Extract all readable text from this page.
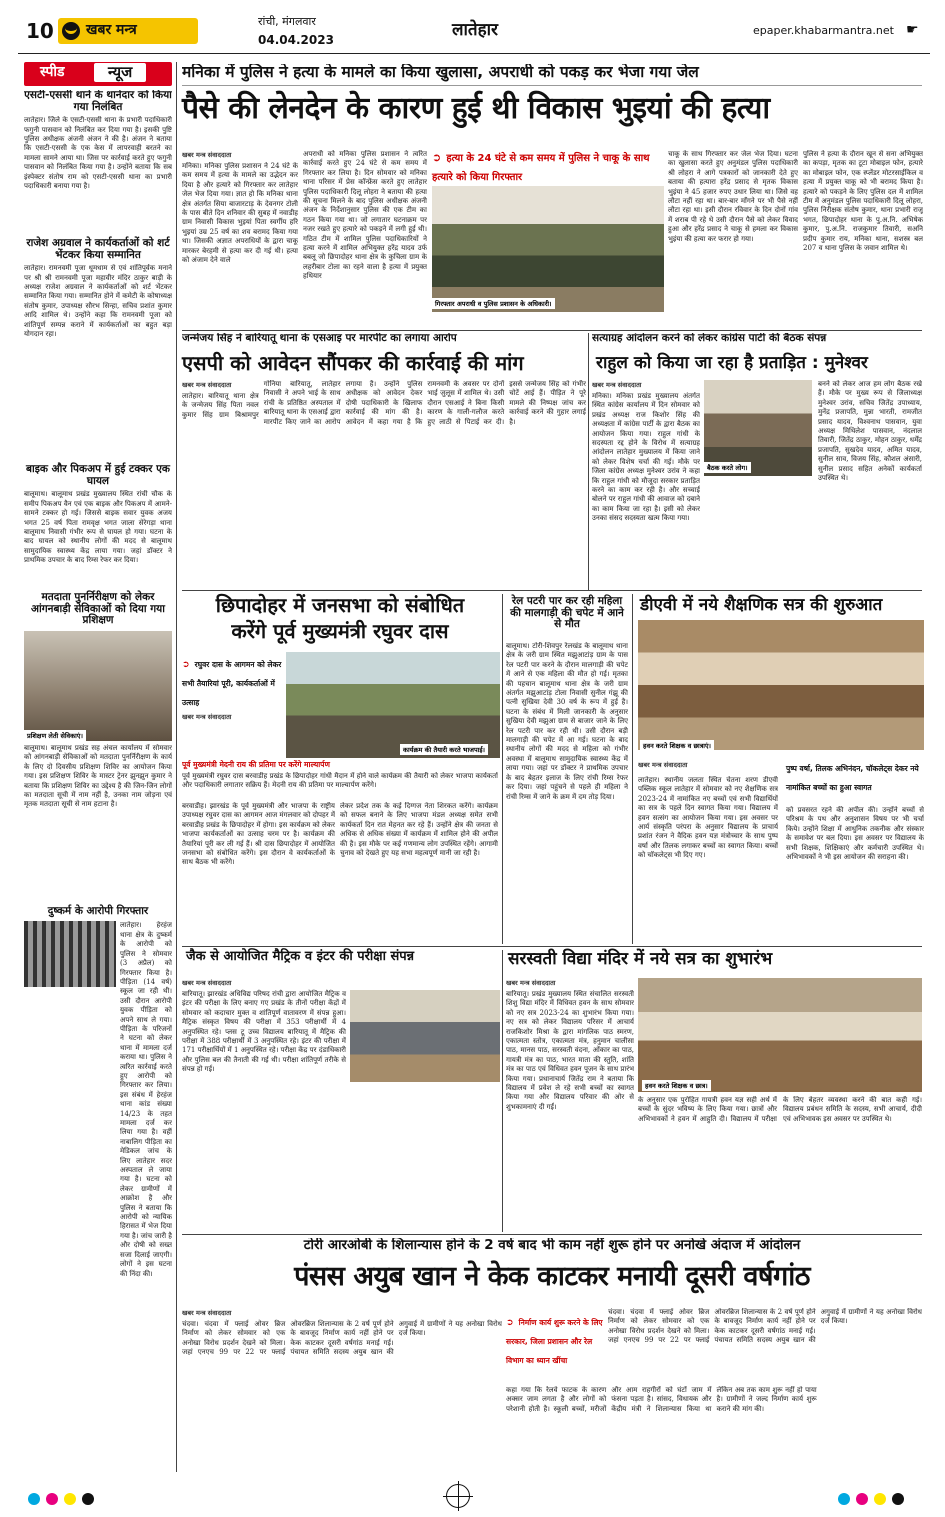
10 खबर मन्त्र
रांची, मंगलवार
04.04.2023	लातेहार	epaper.khabarmantra.net ☛
स्पीड	न्यूज
एसटी-एससी थाने के थानेदार को किया गया निलंबित
लातेहार। जिले के एसटी-एससी थाना के प्रभारी पदाधिकारी फगुनी पासवान को निलंबित कर दिया गया है। इसकी पुष्टि पुलिस अधीक्षक अंजनी अंजन ने की है। अंजन ने बताया कि एसटी-एससी के एक केस में लापरवाही बरतने का मामला सामने आया था। जिस पर कार्रवाई करते हुए फगुनी पासवान को निलंबित किया गया है। उन्होंने बताया कि सब इंस्पेक्टर संतोष राम को एसटी-एससी थाना का प्रभारी पदाधिकारी बनाया गया है।
राजेश अग्रवाल ने कार्यकर्ताओं को शर्ट भेंटकर किया सम्मानित
लातेहार। रामनवमी पूजा धूमधाम से एवं शांतिपूर्वक मनाने पर श्री श्री रामनवमी पूजा महावीर मंदिर ठाकुर बाड़ी के अध्यक्ष राजेश अग्रवाल ने कार्यकर्ताओं को शर्ट भेंटकर सम्मानित किया गया। सम्मानित होने में कमेटी के कोषाध्यक्ष संतोष कुमार, उपाध्यक्ष सौरभ सिन्हा, सचिव प्रशांत कुमार आदि शामिल थे। उन्होंने कहा कि रामनवमी पूजा को शांतिपूर्ण सम्पन्न कराने में कार्यकर्ताओं का बहुत बड़ा योगदान रहा।
बाइक और पिकअप में हुई टक्कर एक घायल
बालूमाथ। बालूमाथ प्रखंड मुख्यालय स्थित रांची चौक के समीप पिकअप वैन एवं एक बाइक और पिकअप में आमने-सामने टक्कर हो गई। जिससे बाइक सवार युवक अजय भगत 25 वर्ष पिता रामवृक्ष भगत जाला सेरेगड़ा थाना बालूमाथ निवासी गंभीर रूप से घायल हो गया। घटना के बाद घायल को स्थानीय लोगों की मदद से बालूमाथ सामुदायिक स्वास्थ्य केंद्र लाया गया। जहां डॉक्टर ने प्राथमिक उपचार के बाद रिम्स रेफर कर दिया।
मतदाता पुनर्निरीक्षण को लेकर आंगनबाड़ी सेविकाओं को दिया गया प्रशिक्षण
प्रशिक्षण लेती सेविकाएं।
बालूमाथ। बालूमाथ प्रखंड सह अंचल कार्यालय में सोमवार को आंगनबाड़ी सेविकाओं को मतदाता पुनर्निरीक्षण के कार्य के लिए दो दिवसीय प्रशिक्षण शिविर का आयोजन किया गया। इस प्रशिक्षण शिविर के मास्टर ट्रेनर झुनझुन कुमार ने बताया कि प्रशिक्षण शिविर का उद्देश्य है की जिन-जिन लोगों का मतदाता सूची में नाम नहीं है, उनका नाम जोड़ना एवं मृतक मतदाता सूची से नाम हटाना है।
दुष्कर्म के आरोपी गिरफ्तार
लातेहार। हेरहंज थाना क्षेत्र के दुष्कर्म के आरोपी को पुलिस ने सोमवार (3 अप्रैल) को गिरफ्तार किया है। पीड़िता (14 वर्ष) स्कूल जा रही थी। उसी दौरान आरोपी युवक पीड़िता को अपने साथ ले गया। पीड़िता के परिजनों ने घटना को लेकर थाना में मामला दर्ज कराया था। पुलिस ने त्वरित कार्रवाई करते हुए आरोपी को गिरफ्तार कर लिया। इस संबंध में हेरहंज थाना कांड संख्या 14/23 के तहत मामला दर्ज कर लिया गया है। वहीं नाबालिग पीड़िता का मेडिकल जांच के लिए लातेहार सदर अस्पताल ले जाया गया है। घटना को लेकर ग्रामीणों में आक्रोश है और पुलिस ने बताया कि आरोपी को न्यायिक हिरासत में भेज दिया गया है। जांच जारी है और दोषी को सख्त सजा दिलाई जाएगी। लोगों ने इस घटना की निंदा की।
मनिका में पुलिस ने हत्या के मामले का किया खुलासा, अपराधी को पकड़ कर भेजा गया जेल
पैसे की लेनदेन के कारण हुई थी विकास भुइयां की हत्या
खबर मन्त्र संवाददाता
मनिका। मनिका पुलिस प्रशासन ने 24 घंटे के कम समय में हत्या के मामले का उद्भेदन कर दिया है और हत्यारे को गिरफ्तार कर लातेहार जेल भेज दिया गया। ज्ञात हो कि मनिका थाना क्षेत्र अंतर्गत सिया बाजारटाड़ के देवनगर टोली के पास बीते दिन शनिवार की सुबह में नवाडीह ग्राम निवासी विकास भुइयां पिता स्वर्गीय हरि भुइयां उम्र 25 वर्ष का शव बरामद किया गया था। जिसकी अज्ञात अपराधियों के द्वारा चाकू मारकर बेरहमी से हत्या कर दी गई थी। हत्या को अंजाम देने वाले
अपराधी को मनिका पुलिस प्रशासन ने त्वरित कार्रवाई करते हुए 24 घंटे से कम समय में गिरफ्तार कर लिया है। दिन सोमवार को मनिका थाना परिसर में प्रेस कॉन्फ्रेंस करते हुए लातेहार पुलिस पदाधिकारी दिलू लोहरा ने बताया की हत्या की सूचना मिलने के बाद पुलिस अधीक्षक अंजनी अंजन के निर्देशानुसार पुलिस की एक टीम का गठन किया गया था। जो लगातार घटनाक्रम पर नजर रखते हुए हत्यारे को पकड़ने में लगी हुई थी। गठित टीम में शामिल पुलिस पदाधिकारियों ने हत्या करने में शामिल अभियुक्त हरेंद्र यादव उर्फ बबलू जो छिपादोहर थाना क्षेत्र के कुचिला ग्राम के लहरीबार टोला का रहने वाला है हत्या में प्रयुक्त हथियार
➲ हत्या के 24 घंटे से कम समय में पुलिस ने चाकू के साथ हत्यारे को किया गिरफ्तार
गिरफ्तार अपराधी व पुलिस प्रशासन के अधिकारी।

चाकू के साथ गिरफ्तार कर जेल भेज दिया। घटना का खुलासा करते हुए अनुमंडल पुलिस पदाधिकारी श्री लोहरा ने आगे पत्रकारों को जानकारी देते हुए बताया की हत्यारा हरेंद्र प्रसाद से मृतक विकास भुइंया ने 45 हजार रुपए उधार लिया था। जिसे वह लौटा नहीं रहा था। बार-बार माँगने पर भी पैसे नहीं लौटा रहा था। इसी दौरान रविवार के दिन दोनों गांव में शराब पी रहे थे उसी दौरान पैसे को लेकर विवाद हुआ और हरेंद्र प्रसाद ने चाकू से हमला कर विकास भुइंया की हत्या कर फरार हो गया।
पुलिस ने हत्या के दौरान खून से सना अभियुक्त का कपड़ा, मृतक का टूटा मोबाइल फोन, हत्यारे का मोबाइल फोन, एक स्प्लेंडर मोटरसाईकिल व हत्या में प्रयुक्त चाकू को भी बरामद किया है। हत्यारे को पकड़ने के लिए पुलिस दल में शामिल टीम में अनुमंडल पुलिस पदाधिकारी दिलू लोहरा, पुलिस निरीक्षक संतोष कुमार, थाना प्रभारी राजू भगत, छिपादोहर थाना के पु.अ.नि. अभिषेक कुमार, पु.अ.नि. राजकुमार तिवारी, सअनि प्रदीप कुमार राय, मनिका थाना, सशस्त्र बल 207 व थाना पुलिस के जवान शामिल थे।
जन्मेजय सिंह ने बारियातू थाना के एसआइ पर मारपीट का लगाया आरोप	सत्याग्रह आंदोलन करने को लेकर कांग्रेस पार्टी की बैठक संपन्न
एसपी को आवेदन सौंपकर की कार्रवाई की मांग
खबर मन्त्र संवाददाता
लातेहार। बारियातू थाना क्षेत्र के जन्मेजय सिंह पिता नवल कुमार सिंह ग्राम बिश्रामपुर गोनिया बारियातू, लातेहार निवासी ने अपने भाई के साथ रांची के प्रतिष्ठित अस्पताल में बारियातू थाना के एसआई द्वारा मारपीट किए जाने का आरोप लगाया है। उन्होंने पुलिस अधीक्षक को आवेदन देकर दोषी पदाधिकारी के खिलाफ कार्रवाई की मांग की है। आवेदन में कहा गया है कि रामनवमी के अवसर पर दोनों भाई जुलूस में शामिल थे। उसी दौरान एसआई ने बिना किसी कारण के गाली-गलौज करते हुए लाठी से पिटाई कर दी। इससे जन्मेजय सिंह को गंभीर चोटें आई हैं। पीड़ित ने पूरे मामले की निष्पक्ष जांच कर कार्रवाई करने की गुहार लगाई है।
राहुल को किया जा रहा है प्रताड़ित : मुनेश्वर
खबर मन्त्र संवाददाता
मनिका। मनिका प्रखंड मुख्यालय अंतर्गत स्थित कांग्रेस कार्यालय में दिन सोमवार को प्रखंड अध्यक्ष राज किशोर सिंह की अध्यक्षता में कांग्रेस पार्टी के द्वारा बैठक का आयोजन किया गया। राहुल गांधी के सदस्यता रद्द होने के विरोध में सत्याग्रह आंदोलन लातेहार मुख्यालय में किया जाने को लेकर विशेष चर्चा की गई। मौके पर जिला कांग्रेस अध्यक्ष मुनेश्वर उरांव ने कहा कि राहुल गांधी को मौजूदा सरकार प्रताड़ित करने का काम कर रही है। और सच्चाई बोलने पर राहुल गांधी की आवाज को दबाने का काम किया जा रहा है। इसी को लेकर उनका संसद सदस्यता खत्म किया गया।
बैठक करते लोग।
बनने को लेकर आज हम लोग बैठक रखे हैं। मौके पर मुख्य रूप से जिलाध्यक्ष मुनेश्वर उरांव, सचिव जितेंद्र उपाध्याय, मुनेंद्र प्रजापति, मुन्ना भारती, रामजीत प्रसाद यादव, विश्वनाथ पासवान, युवा अध्यक्ष मिथिलेश पासवान, नंदलाल तिवारी, जितेंद्र ठाकुर, मोहन ठाकुर, धर्मेंद्र प्रजापति, सुखदेव यादव, अमित यादव, सुनील साव, विजय सिंह, कौशल अंसारी, सुनील प्रसाद सहित अनेकों कार्यकर्ता उपस्थित थे।
छिपादोहर में जनसभा को संबोधित
करेंगे पूर्व मुख्यमंत्री रघुवर दास
➲ रघुवर दास के आगमन को लेकर सभी तैयारियां पूरी, कार्यकर्ताओं में उत्साह
कार्यक्रम की तैयारी करते भाजपाई।
पूर्व मुख्यमंत्री मेदनी राय की प्रतिमा पर करेंगे माल्यार्पण
पूर्व मुख्यमंत्री रघुवर दास बरवाडीह प्रखंड के छिपादोहर गांधी मैदान में होने वाले कार्यक्रम की तैयारी को लेकर भाजपा कार्यकर्ता और पदाधिकारी लगातार सक्रिय हैं। मेदनी राय की प्रतिमा पर माल्यार्पण करेंगे।
खबर मन्त्र संवाददाता
बरवाडीह। झारखंड के पूर्व मुख्यमंत्री और भाजपा के राष्ट्रीय उपाध्यक्ष रघुवर दास का आगमन आज मंगलवार को दोपहर में बरवाडीह प्रखंड के छिपादोहर में होगा। इस कार्यक्रम को लेकर भाजपा कार्यकर्ताओं का उत्साह चरम पर है। कार्यक्रम की तैयारियां पूरी कर ली गई हैं। श्री दास छिपादोहर में आयोजित जनसभा को संबोधित करेंगे। इस दौरान वे कार्यकर्ताओं के साथ बैठक भी करेंगे।
लेकर प्रदेश तक के कई दिग्गज नेता शिरकत करेंगे। कार्यक्रम को सफल बनाने के लिए भाजपा मंडल अध्यक्ष समेत सभी कार्यकर्ता दिन रात मेहनत कर रहे हैं। उन्होंने क्षेत्र की जनता से अधिक से अधिक संख्या में कार्यक्रम में शामिल होने की अपील की है। इस मौके पर कई गणमान्य लोग उपस्थित रहेंगे। आगामी चुनाव को देखते हुए यह सभा महत्वपूर्ण मानी जा रही है।
रेल पटरी पार कर रही महिला की मालगाड़ी की चपेट में आने से मौत
बालूमाथ। टोरी-शिवपुर रेलखंड के बालूमाथ थाना क्षेत्र के जरी ग्राम स्थित मझुआटांड़ ग्राम के पास रेल पटरी पार करने के दौरान मालगाड़ी की चपेट में आने से एक महिला की मौत हो गई। मृतका की पहचान बालूमाथ थाना क्षेत्र के जरी ग्राम अंतर्गत मझुआटांड़ टोला निवासी सुनील गंझू की पत्नी सुखिया देवी 30 वर्ष के रूप में हुई है। घटना के संबंध में मिली जानकारी के अनुसार सुखिया देवी मझुआ ग्राम से बाजार जाने के लिए रेल पटरी पार कर रही थी। उसी दौरान बड़ी मालगाड़ी की चपेट में आ गई। घटना के बाद स्थानीय लोगों की मदद से महिला को गंभीर अवस्था में बालूमाथ सामुदायिक स्वास्थ्य केंद्र में लाया गया। जहां पर डॉक्टर ने प्राथमिक उपचार के बाद बेहतर इलाज के लिए रांची रिम्स रेफर कर दिया। जहां पहुंचने से पहले ही महिला ने रांची रिम्स में जाने के क्रम में दम तोड़ दिया।
डीएवी में नये शैक्षणिक सत्र की शुरुआत
हवन करते शिक्षक व छात्राएं।
खबर मन्त्र संवाददाता	पुष्प वर्षा, तिलक अभिनंदन, चॉकलेट्स देकर नये नामांकित बच्चों का हुआ स्वागत
लातेहार। स्थानीय जलता स्थित चेतना शरण डीएवी पब्लिक स्कूल लातेहार में सोमवार को नए शैक्षणिक सत्र 2023-24 में नामांकित नए बच्चों एवं सभी विद्यार्थियों का सत्र के पहले दिन स्वागत किया गया। विद्यालय में हवन सत्संग का आयोजन किया गया। इस अवसर पर आर्य संस्कृति परंपरा के अनुसार विद्यालय के प्राचार्य प्रशांत रंजन ने वैदिक हवन यज्ञ मंत्रोच्चार के साथ पुष्प वर्षा और तिलक लगाकर बच्चों का स्वागत किया। बच्चों को चॉकलेट्स भी दिए गए।
को प्रवसरत रहने की अपील की। उन्होंने बच्चों से परिश्रम के पथ और अनुशासन विषय पर भी चर्चा किये। उन्होंने शिक्षा में आधुनिक तकनीक और संस्कार के समावेश पर बल दिया। इस अवसर पर विद्यालय के सभी शिक्षक, शिक्षिकाएं और कर्मचारी उपस्थित थे। अभिभावकों ने भी इस आयोजन की सराहना की।
जैक से आयोजित मैट्रिक व इंटर की परीक्षा संपन्न
खबर मन्त्र संवाददाता
बारियातू। झारखंड अधिविद्य परिषद रांची द्वारा आयोजित मैट्रिक व इंटर की परीक्षा के लिए बनाए गए प्रखंड के तीनों परीक्षा केंद्रों में सोमवार को कदाचार मुक्त व शांतिपूर्ण वातावरण में संपन्न हुआ। मैट्रिक संस्कृत विषय की परीक्षा में 353 परीक्षार्थी में 4 अनुपस्थित रहे। प्लस टू उच्च विद्यालय बारियातू में मैट्रिक की परीक्षा में 388 परीक्षार्थी में 3 अनुपस्थित रहे। इंटर की परीक्षा में 171 परीक्षार्थियों में 1 अनुपस्थित रहे। परीक्षा केंद्र पर दंडाधिकारी और पुलिस बल की तैनाती की गई थी। परीक्षा शांतिपूर्ण तरीके से संपन्न हो गई।
सरस्वती विद्या मंदिर में नये सत्र का शुभारंभ
खबर मन्त्र संवाददाता
बारियातू। प्रखंड मुख्यालय स्थित संचालित सरस्वती शिशु विद्या मंदिर में विधिवत हवन के साथ सोमवार को नए सत्र 2023-24 का शुभारंभ किया गया। नए सत्र को लेकर विद्यालय परिसर में आचार्य राजकिशोर मिश्रा के द्वारा मांगलिक पाठ स्मरण, एकात्मता स्तोत्र, एकात्मता मंत्र, हनुमान चालीसा पाठ, मानस पाठ, सरस्वती वंदना, ओंकार का पाठ, गायत्री मंत्र का पाठ, भारत माता की स्तुति, शांति मंत्र का पाठ एवं विधिवत हवन पूजन के साथ प्रारंभ किया गया। प्रधानाचार्य जितेंद्र राम ने बताया कि विद्यालय में प्रवेश ले रहे सभी बच्चों का स्वागत किया गया और विद्यालय परिवार की ओर से शुभकामनाएं दी गईं।
हवन करते शिक्षक व छात्र।
के अनुसार एक पुरोहित गायत्री हवन यज्ञ सही अर्थ में बच्चों के सुंदर भविष्य के लिए किया गया। छात्रों और अभिभावकों ने हवन में आहुति दी। विद्यालय में परीक्षा के लिए बेहतर व्यवस्था करने की बात कही गई। विद्यालय प्रबंधन समिति के सदस्य, सभी आचार्य, दीदी एवं अभिभावक इस अवसर पर उपस्थित थे।
टोरी आरओबी के शिलान्यास होने के 2 वर्ष बाद भी काम नहीं शुरू होने पर अनोखे अंदाज में आंदोलन
पंसस अयुब खान ने केक काटकर मनायी दूसरी वर्षगांठ
खबर मन्त्र संवाददाता
चंदवा। चंदवा में फ्लाई ओवर ब्रिज निर्माण को लेकर सोमवार को एक अनोखा विरोध प्रदर्शन देखने को मिला। जहां एनएच 99 पर 22 पर फ्लाई ओवरब्रिज शिलान्यास के 2 वर्ष पूर्ण होने के बावजूद निर्माण कार्य नहीं होने पर केक काटकर दूसरी वर्षगांठ मनाई गई। पंचायत समिति सदस्य अयुब खान की अगुवाई में ग्रामीणों ने यह अनोखा विरोध दर्ज किया।
➲ निर्माण कार्य शुरू करने के लिए सरकार, जिला प्रशासन और रेल विभाग का ध्यान खींचा
कहा गया कि रेलवे फाटक के कारण अक्सर जाम लगता है और लोगों को परेशानी होती है। स्कूली बच्चों, मरीजों और आम राहगीरों को घंटों जाम में फंसना पड़ता है। सांसद, विधायक और केंद्रीय मंत्री ने शिलान्यास किया था लेकिन अब तक काम शुरू नहीं हो पाया है। ग्रामीणों ने जल्द निर्माण कार्य शुरू कराने की मांग की।
चंदवा। चंदवा में फ्लाई ओवर ब्रिज निर्माण को लेकर सोमवार को एक अनोखा विरोध प्रदर्शन देखने को मिला। जहां एनएच 99 पर 22 पर फ्लाई ओवरब्रिज शिलान्यास के 2 वर्ष पूर्ण होने के बावजूद निर्माण कार्य नहीं होने पर केक काटकर दूसरी वर्षगांठ मनाई गई। पंचायत समिति सदस्य अयुब खान की अगुवाई में ग्रामीणों ने यह अनोखा विरोध दर्ज किया।
